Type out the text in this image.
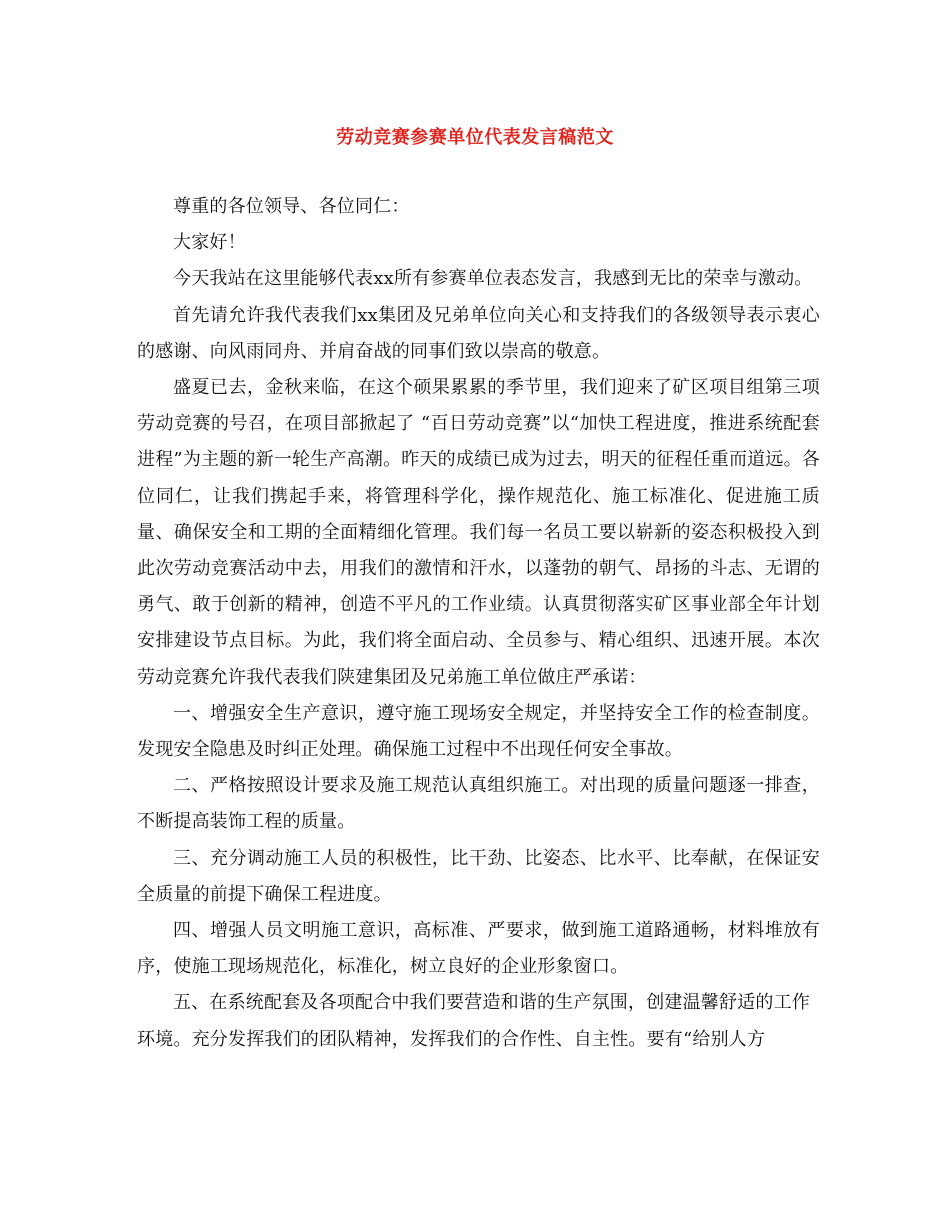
劳动竞赛参赛单位代表发言稿范文

尊重的各位领导、各位同仁：

大家好！

今天我站在这里能够代表xx所有参赛单位表态发言，我感到无比的荣幸与激动。

首先请允许我代表我们xx集团及兄弟单位向关心和支持我们的各级领导表示衷心的感谢、向风雨同舟、并肩奋战的同事们致以崇高的敬意。

盛夏已去，金秋来临，在这个硕果累累的季节里，我们迎来了矿区项目组第三项劳动竞赛的号召，在项目部掀起了 “百日劳动竞赛”以“加快工程进度，推进系统配套进程”为主题的新一轮生产高潮。昨天的成绩已成为过去，明天的征程任重而道远。各位同仁，让我们携起手来，将管理科学化，操作规范化、施工标准化、促进施工质量、确保安全和工期的全面精细化管理。我们每一名员工要以崭新的姿态积极投入到此次劳动竞赛活动中去，用我们的激情和汗水，以蓬勃的朝气、昂扬的斗志、无谓的勇气、敢于创新的精神，创造不平凡的工作业绩。认真贯彻落实矿区事业部全年计划 安排建设节点目标。为此，我们将全面启动、全员参与、精心组织、迅速开展。本次劳动竞赛允许我代表我们陕建集团及兄弟施工单位做庄严承诺：

一、增强安全生产意识，遵守施工现场安全规定，并坚持安全工作的检查制度。发现安全隐患及时纠正处理。确保施工过程中不出现任何安全事故。

二、严格按照设计要求及施工规范认真组织施工。对出现的质量问题逐一排查，不断提高装饰工程的质量。

三、充分调动施工人员的积极性，比干劲、比姿态、比水平、比奉献，在保证安全质量的前提下确保工程进度。

四、增强人员文明施工意识，高标准、严要求，做到施工道路通畅，材料堆放有序，使施工现场规范化，标准化，树立良好的企业形象窗口。

五、在系统配套及各项配合中我们要营造和谐的生产氛围，创建温馨舒适的工作环境。充分发挥我们的团队精神，发挥我们的合作性、自主性。要有“给别人方
